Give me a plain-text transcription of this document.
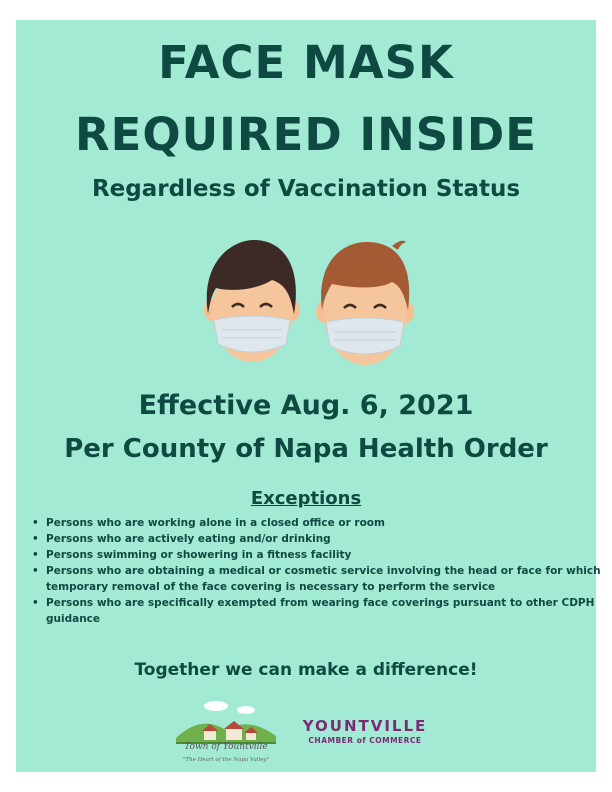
FACE MASK
REQUIRED INSIDE
Regardless of Vaccination Status
Effective Aug. 6, 2021
Per County of Napa Health Order
Exceptions
• Persons who are working alone in a closed office or room
• Persons who are actively eating and/or drinking
• Persons swimming or showering in a fitness facility
• Persons who are obtaining a medical or cosmetic service involving the head or face for which temporary removal of the face covering is necessary to perform the service
• Persons who are specifically exempted from wearing face coverings pursuant to other CDPH guidance
Together we can make a difference!
Town of Yountville
"The Heart of the Napa Valley"
YOUNTVILLE
CHAMBER of COMMERCE
